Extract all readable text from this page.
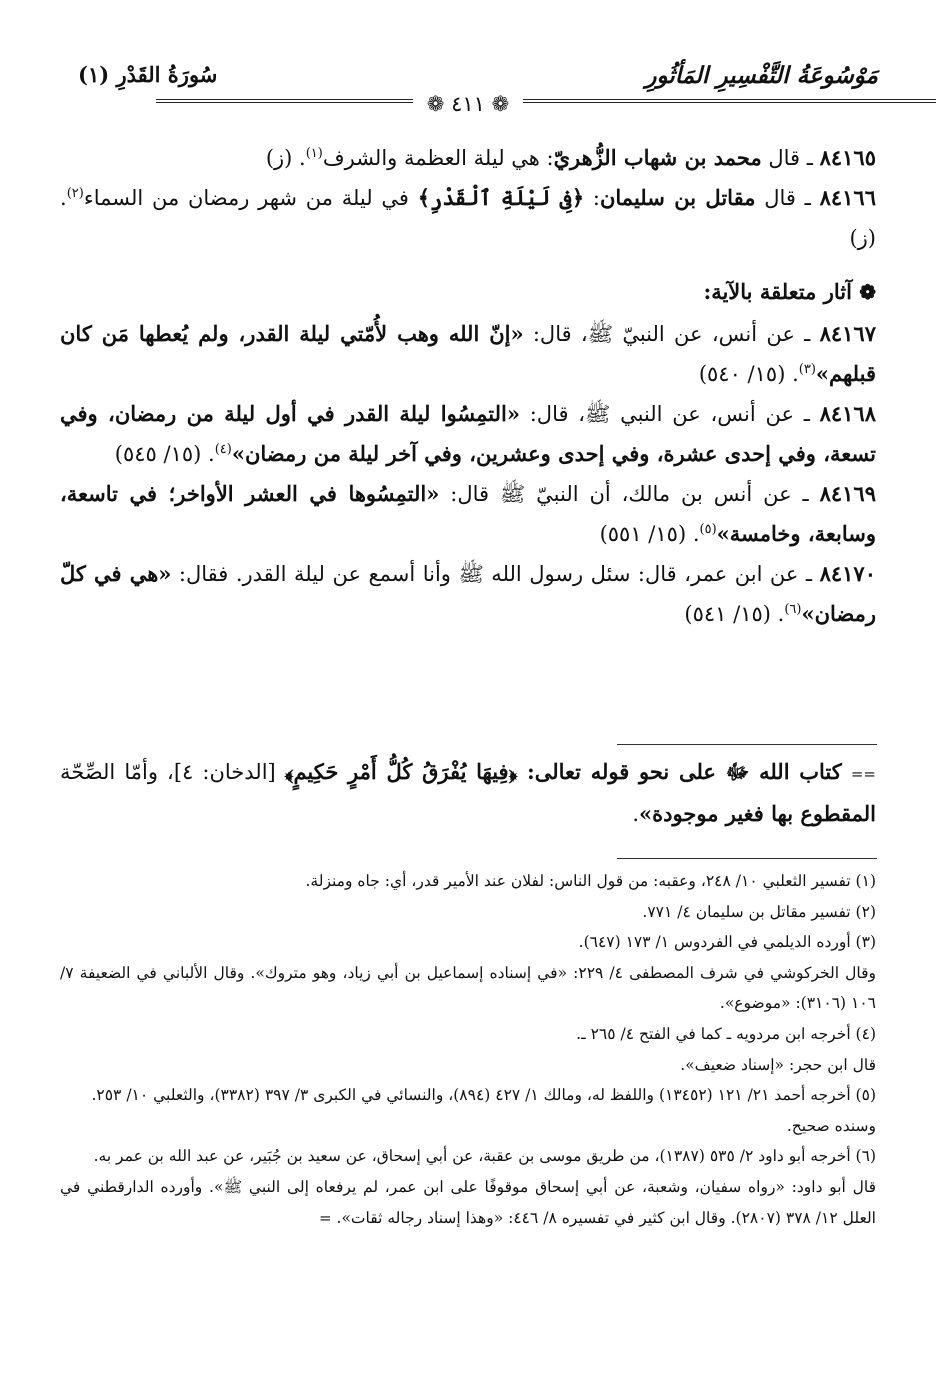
مَوْسُوعَةُ التَّفْسِيرِ المَأثُورِ
سُورَةُ القَدْرِ (١)
❁ ٤١١ ❁

٨٤١٦٥ ـ قال محمد بن شهاب الزُّهريّ: هي ليلة العظمة والشرف$^{(١)}$. (ز)

٨٤١٦٦ ـ قال مقاتل بن سليمان: ﴿فِى لَيْلَةِ ٱلْقَدْرِ﴾ في ليلة من شهر رمضان من السماء$^{(٢)}$. (ز)

❁ آثار متعلقة بالآية:

٨٤١٦٧ ـ عن أنس، عن النبيّ ﷺ، قال: «إنّ الله وهب لأُمّتي ليلة القدر، ولم يُعطها مَن كان قبلهم»$^{(٣)}$. (١٥/ ٥٤٠)

٨٤١٦٨ ـ عن أنس، عن النبي ﷺ، قال: «التمِسُوا ليلة القدر في أول ليلة من رمضان، وفي تسعة، وفي إحدى عشرة، وفي إحدى وعشرين، وفي آخر ليلة من رمضان»$^{(٤)}$. (١٥/ ٥٤٥)

٨٤١٦٩ ـ عن أنس بن مالك، أن النبيّ ﷺ قال: «التمِسُوها في العشر الأواخر؛ في تاسعة، وسابعة، وخامسة»$^{(٥)}$. (١٥/ ٥٥١)

٨٤١٧٠ ـ عن ابن عمر، قال: سئل رسول الله ﷺ وأنا أسمع عن ليلة القدر. فقال: «هي في كلّ رمضان»$^{(٦)}$. (١٥/ ٥٤١)

== كتاب الله ﷻ على نحو قوله تعالى: ﴿فِيهَا يُفْرَقُ كُلُّ أَمْرٍ حَكِيمٍ﴾ [الدخان: ٤]، وأمّا الصِّحّة المقطوع بها فغير موجودة».

(١) تفسير الثعلبي ١٠/ ٢٤٨، وعقبه: من قول الناس: لفلان عند الأمير قدر، أي: جاه ومنزلة.

(٢) تفسير مقاتل بن سليمان ٤/ ٧٧١.

(٣) أورده الديلمي في الفردوس ١/ ١٧٣ (٦٤٧).

وقال الخركوشي في شرف المصطفى ٤/ ٢٢٩: «في إسناده إسماعيل بن أبي زياد، وهو متروك». وقال الألباني في الضعيفة ٧/ ١٠٦ (٣١٠٦): «موضوع».

(٤) أخرجه ابن مردويه ـ كما في الفتح ٤/ ٢٦٥ ـ.

قال ابن حجر: «إسناد ضعيف».

(٥) أخرجه أحمد ٢١/ ١٢١ (١٣٤٥٢) واللفظ له، ومالك ١/ ٤٢٧ (٨٩٤)، والنسائي في الكبرى ٣/ ٣٩٧ (٣٣٨٢)، والثعلبي ١٠/ ٢٥٣.

وسنده صحيح.

(٦) أخرجه أبو داود ٢/ ٥٣٥ (١٣٨٧)، من طريق موسى بن عقبة، عن أبي إسحاق، عن سعيد بن جُبَير، عن عبد الله بن عمر به.

قال أبو داود: «رواه سفيان، وشعبة، عن أبي إسحاق موقوفًا على ابن عمر، لم يرفعاه إلى النبي ﷺ». وأورده الدارقطني في العلل ١٢/ ٣٧٨ (٢٨٠٧). وقال ابن كثير في تفسيره ٨/ ٤٤٦: «وهذا إسناد رجاله ثقات». =
